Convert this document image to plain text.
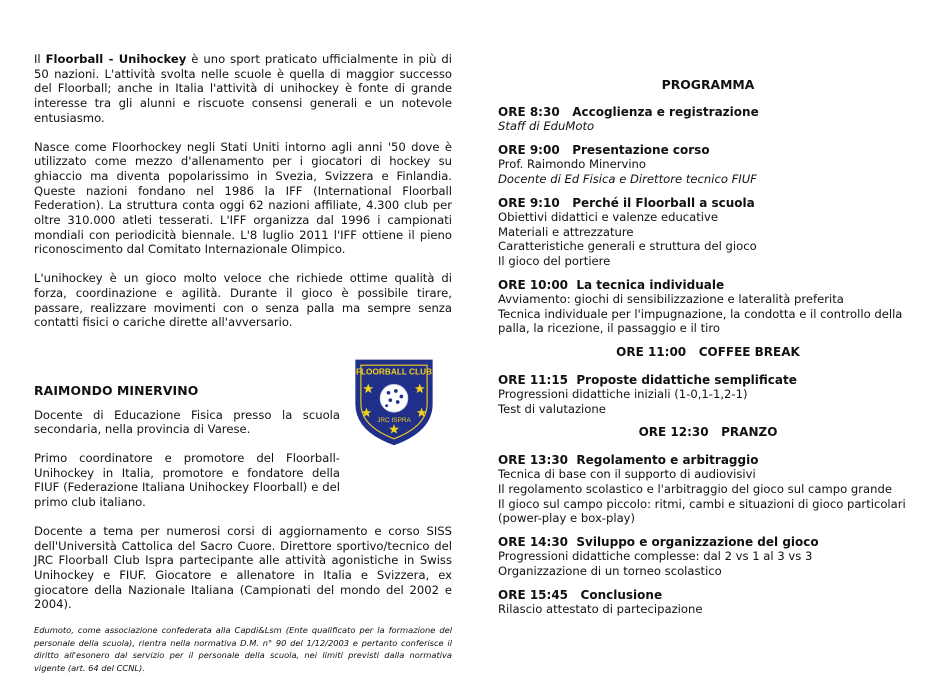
Il Floorball - Unihockey è uno sport praticato ufficialmente in più di 50 nazioni. L'attività svolta nelle scuole è quella di maggior successo del Floorball; anche in Italia l'attività di unihockey è fonte di grande interesse tra gli alunni e riscuote consensi generali e un notevole entusiasmo.

Nasce come Floorhockey negli Stati Uniti intorno agli anni '50 dove è utilizzato come mezzo d'allenamento per i giocatori di hockey su ghiaccio ma diventa popolarissimo in Svezia, Svizzera e Finlandia. Queste nazioni fondano nel 1986 la IFF (International Floorball Federation). La struttura conta oggi 62 nazioni affiliate, 4.300 club per oltre 310.000 atleti tesserati. L'IFF organizza dal 1996 i campionati mondiali con periodicità biennale. L'8 luglio 2011 l'IFF ottiene il pieno riconoscimento dal Comitato Internazionale Olimpico.

L'unihockey è un gioco molto veloce che richiede ottime qualità di forza, coordinazione e agilità. Durante il gioco è possibile tirare, passare, realizzare movimenti con o senza palla ma sempre senza contatti fisici o cariche dirette all'avversario.

RAIMONDO MINERVINO

Docente di Educazione Fisica presso la scuola secondaria, nella provincia di Varese.

Primo coordinatore e promotore del Floorball-Unihockey in Italia, promotore e fondatore della FIUF (Federazione Italiana Unihockey Floorball) e del primo club italiano.

Docente a tema per numerosi corsi di aggiornamento e corso SISS dell'Università Cattolica del Sacro Cuore. Direttore sportivo/tecnico del JRC Floorball Club Ispra partecipante alle attività agonistiche in Swiss Unihockey e FIUF. Giocatore e allenatore in Italia e Svizzera, ex giocatore della Nazionale Italiana (Campionati del mondo del 2002 e 2004).

Edumoto, come associazione confederata alla Capdi&Lsm (Ente qualificato per la formazione del personale della scuola), rientra nella normativa D.M. n° 90 del 1/12/2003 e pertanto conferisce il diritto all'esonero dal servizio per il personale della scuola, nei limiti previsti dalla normativa vigente (art. 64 del CCNL).
FLOORBALL CLUB
JRC ISPRA
PROGRAMMA
ORE 8:30   Accoglienza e registrazione
Staff di EduMoto
ORE 9:00   Presentazione corso
Prof. Raimondo Minervino
Docente di Ed Fisica e Direttore tecnico FIUF
ORE 9:10   Perché il Floorball a scuola
Obiettivi didattici e valenze educative
Materiali e attrezzature
Caratteristiche generali e struttura del gioco
Il gioco del portiere
ORE 10:00  La tecnica individuale
Avviamento: giochi di sensibilizzazione e lateralità preferita
Tecnica individuale per l'impugnazione, la condotta e il controllo della palla, la ricezione, il passaggio e il tiro
ORE 11:00   COFFEE BREAK
ORE 11:15  Proposte didattiche semplificate
Progressioni didattiche iniziali (1-0,1-1,2-1)
Test di valutazione
ORE 12:30   PRANZO
ORE 13:30  Regolamento e arbitraggio
Tecnica di base con il supporto di audiovisivi
Il regolamento scolastico e l'arbitraggio del gioco sul campo grande
Il gioco sul campo piccolo: ritmi, cambi e situazioni di gioco particolari (power-play e box-play)
ORE 14:30  Sviluppo e organizzazione del gioco
Progressioni didattiche complesse: dal 2 vs 1 al 3 vs 3
Organizzazione di un torneo scolastico
ORE 15:45   Conclusione
Rilascio attestato di partecipazione
